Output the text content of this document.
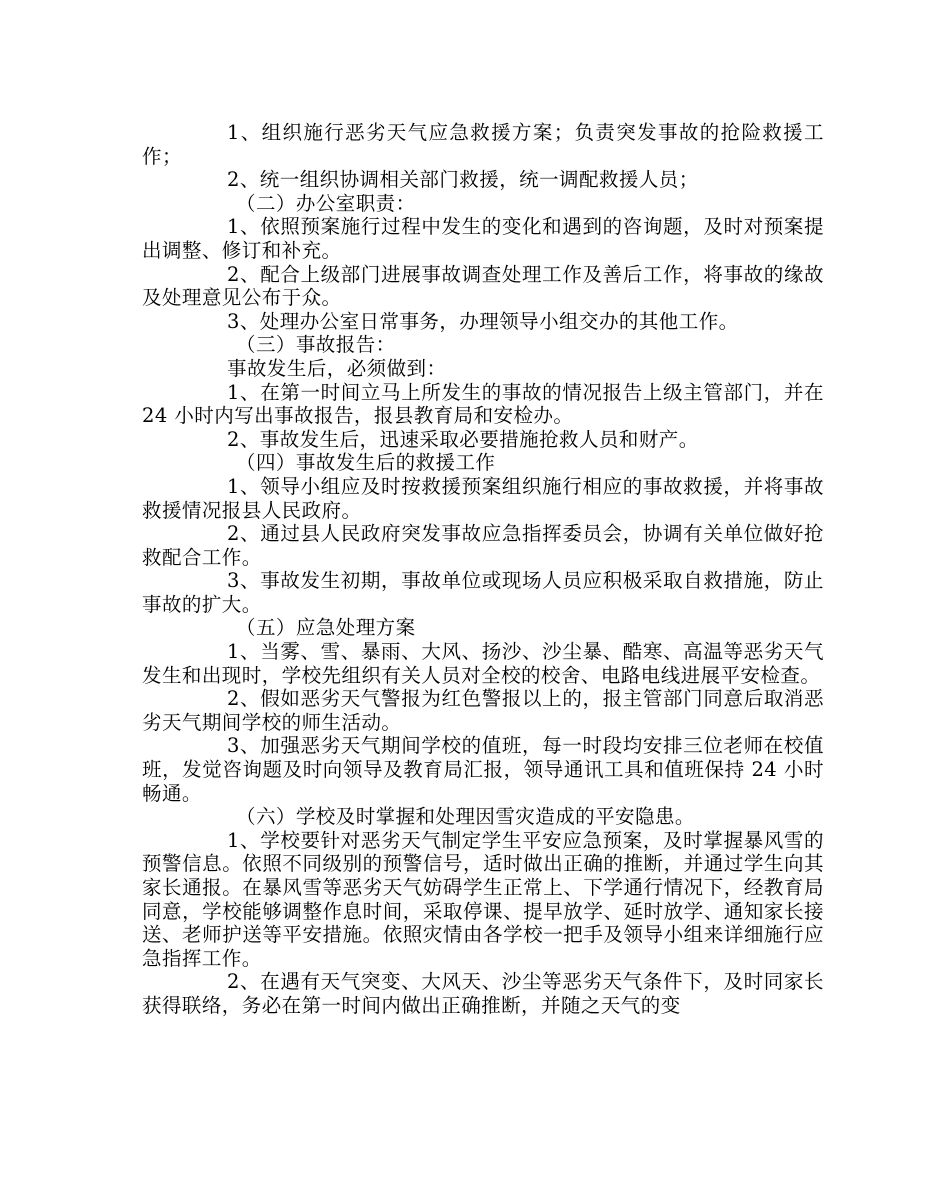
1、组织施行恶劣天气应急救援方案；负责突发事故的抢险救援工作；

2、统一组织协调相关部门救援，统一调配救援人员；

（二）办公室职责：

1、依照预案施行过程中发生的变化和遇到的咨询题，及时对预案提出调整、修订和补充。

2、配合上级部门进展事故调查处理工作及善后工作，将事故的缘故及处理意见公布于众。

3、处理办公室日常事务，办理领导小组交办的其他工作。

（三）事故报告：

事故发生后，必须做到：

1、在第一时间立马上所发生的事故的情况报告上级主管部门，并在 24 小时内写出事故报告，报县教育局和安检办。

2、事故发生后，迅速采取必要措施抢救人员和财产。

（四）事故发生后的救援工作

1、领导小组应及时按救援预案组织施行相应的事故救援，并将事故救援情况报县人民政府。

2、通过县人民政府突发事故应急指挥委员会，协调有关单位做好抢救配合工作。

3、事故发生初期，事故单位或现场人员应积极采取自救措施，防止事故的扩大。

（五）应急处理方案

1、当雾、雪、暴雨、大风、扬沙、沙尘暴、酷寒、高温等恶劣天气发生和出现时，学校先组织有关人员对全校的校舍、电路电线进展平安检查。

2、假如恶劣天气警报为红色警报以上的，报主管部门同意后取消恶劣天气期间学校的师生活动。

3、加强恶劣天气期间学校的值班，每一时段均安排三位老师在校值班，发觉咨询题及时向领导及教育局汇报，领导通讯工具和值班保持 24 小时畅通。

（六）学校及时掌握和处理因雪灾造成的平安隐患。

1、学校要针对恶劣天气制定学生平安应急预案，及时掌握暴风雪的预警信息。依照不同级别的预警信号，适时做出正确的推断，并通过学生向其家长通报。在暴风雪等恶劣天气妨碍学生正常上、下学通行情况下，经教育局同意，学校能够调整作息时间，采取停课、提早放学、延时放学、通知家长接送、老师护送等平安措施。依照灾情由各学校一把手及领导小组来详细施行应急指挥工作。

2、在遇有天气突变、大风天、沙尘等恶劣天气条件下，及时同家长获得联络，务必在第一时间内做出正确推断，并随之天气的变
